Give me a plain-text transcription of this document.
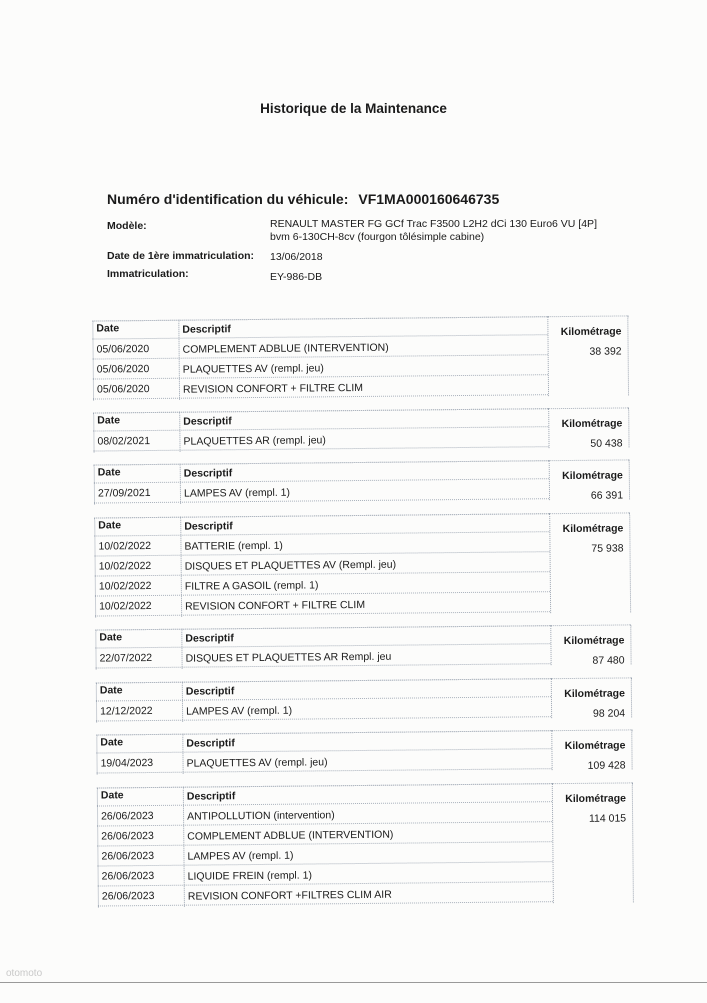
Historique de la Maintenance
Numéro d'identification du véhicule: VF1MA000160646735
Modèle:	RENAULT MASTER FG GCf Trac F3500 L2H2 dCi 130 Euro6 VU [4P] bvm 6-130CH-8cv (fourgon tôlésimple cabine)
Date de 1ère immatriculation: 13/06/2018
Immatriculation:	EY-986-DB
Date	Descriptif	Kilométrage
38 392
05/06/2020	COMPLEMENT ADBLUE (INTERVENTION)
05/06/2020	PLAQUETTES AV (rempl. jeu)
05/06/2020	REVISION CONFORT + FILTRE CLIM
Date	Descriptif	Kilométrage
50 438
08/02/2021	PLAQUETTES AR (rempl. jeu)
Date	Descriptif	Kilométrage
66 391
27/09/2021	LAMPES AV (rempl. 1)
Date	Descriptif	Kilométrage
75 938
10/02/2022	BATTERIE (rempl. 1)
10/02/2022	DISQUES ET PLAQUETTES AV (Rempl. jeu)
10/02/2022	FILTRE A GASOIL (rempl. 1)
10/02/2022	REVISION CONFORT + FILTRE CLIM
Date	Descriptif	Kilométrage
87 480
22/07/2022	DISQUES ET PLAQUETTES AR Rempl. jeu
Date	Descriptif	Kilométrage
98 204
12/12/2022	LAMPES AV (rempl. 1)
Date	Descriptif	Kilométrage
109 428
19/04/2023	PLAQUETTES AV (rempl. jeu)
Date	Descriptif	Kilométrage
114 015
26/06/2023	ANTIPOLLUTION (intervention)
26/06/2023	COMPLEMENT ADBLUE (INTERVENTION)
26/06/2023	LAMPES AV (rempl. 1)
26/06/2023	LIQUIDE FREIN (rempl. 1)
26/06/2023	REVISION CONFORT +FILTRES CLIM AIR
otomoto
